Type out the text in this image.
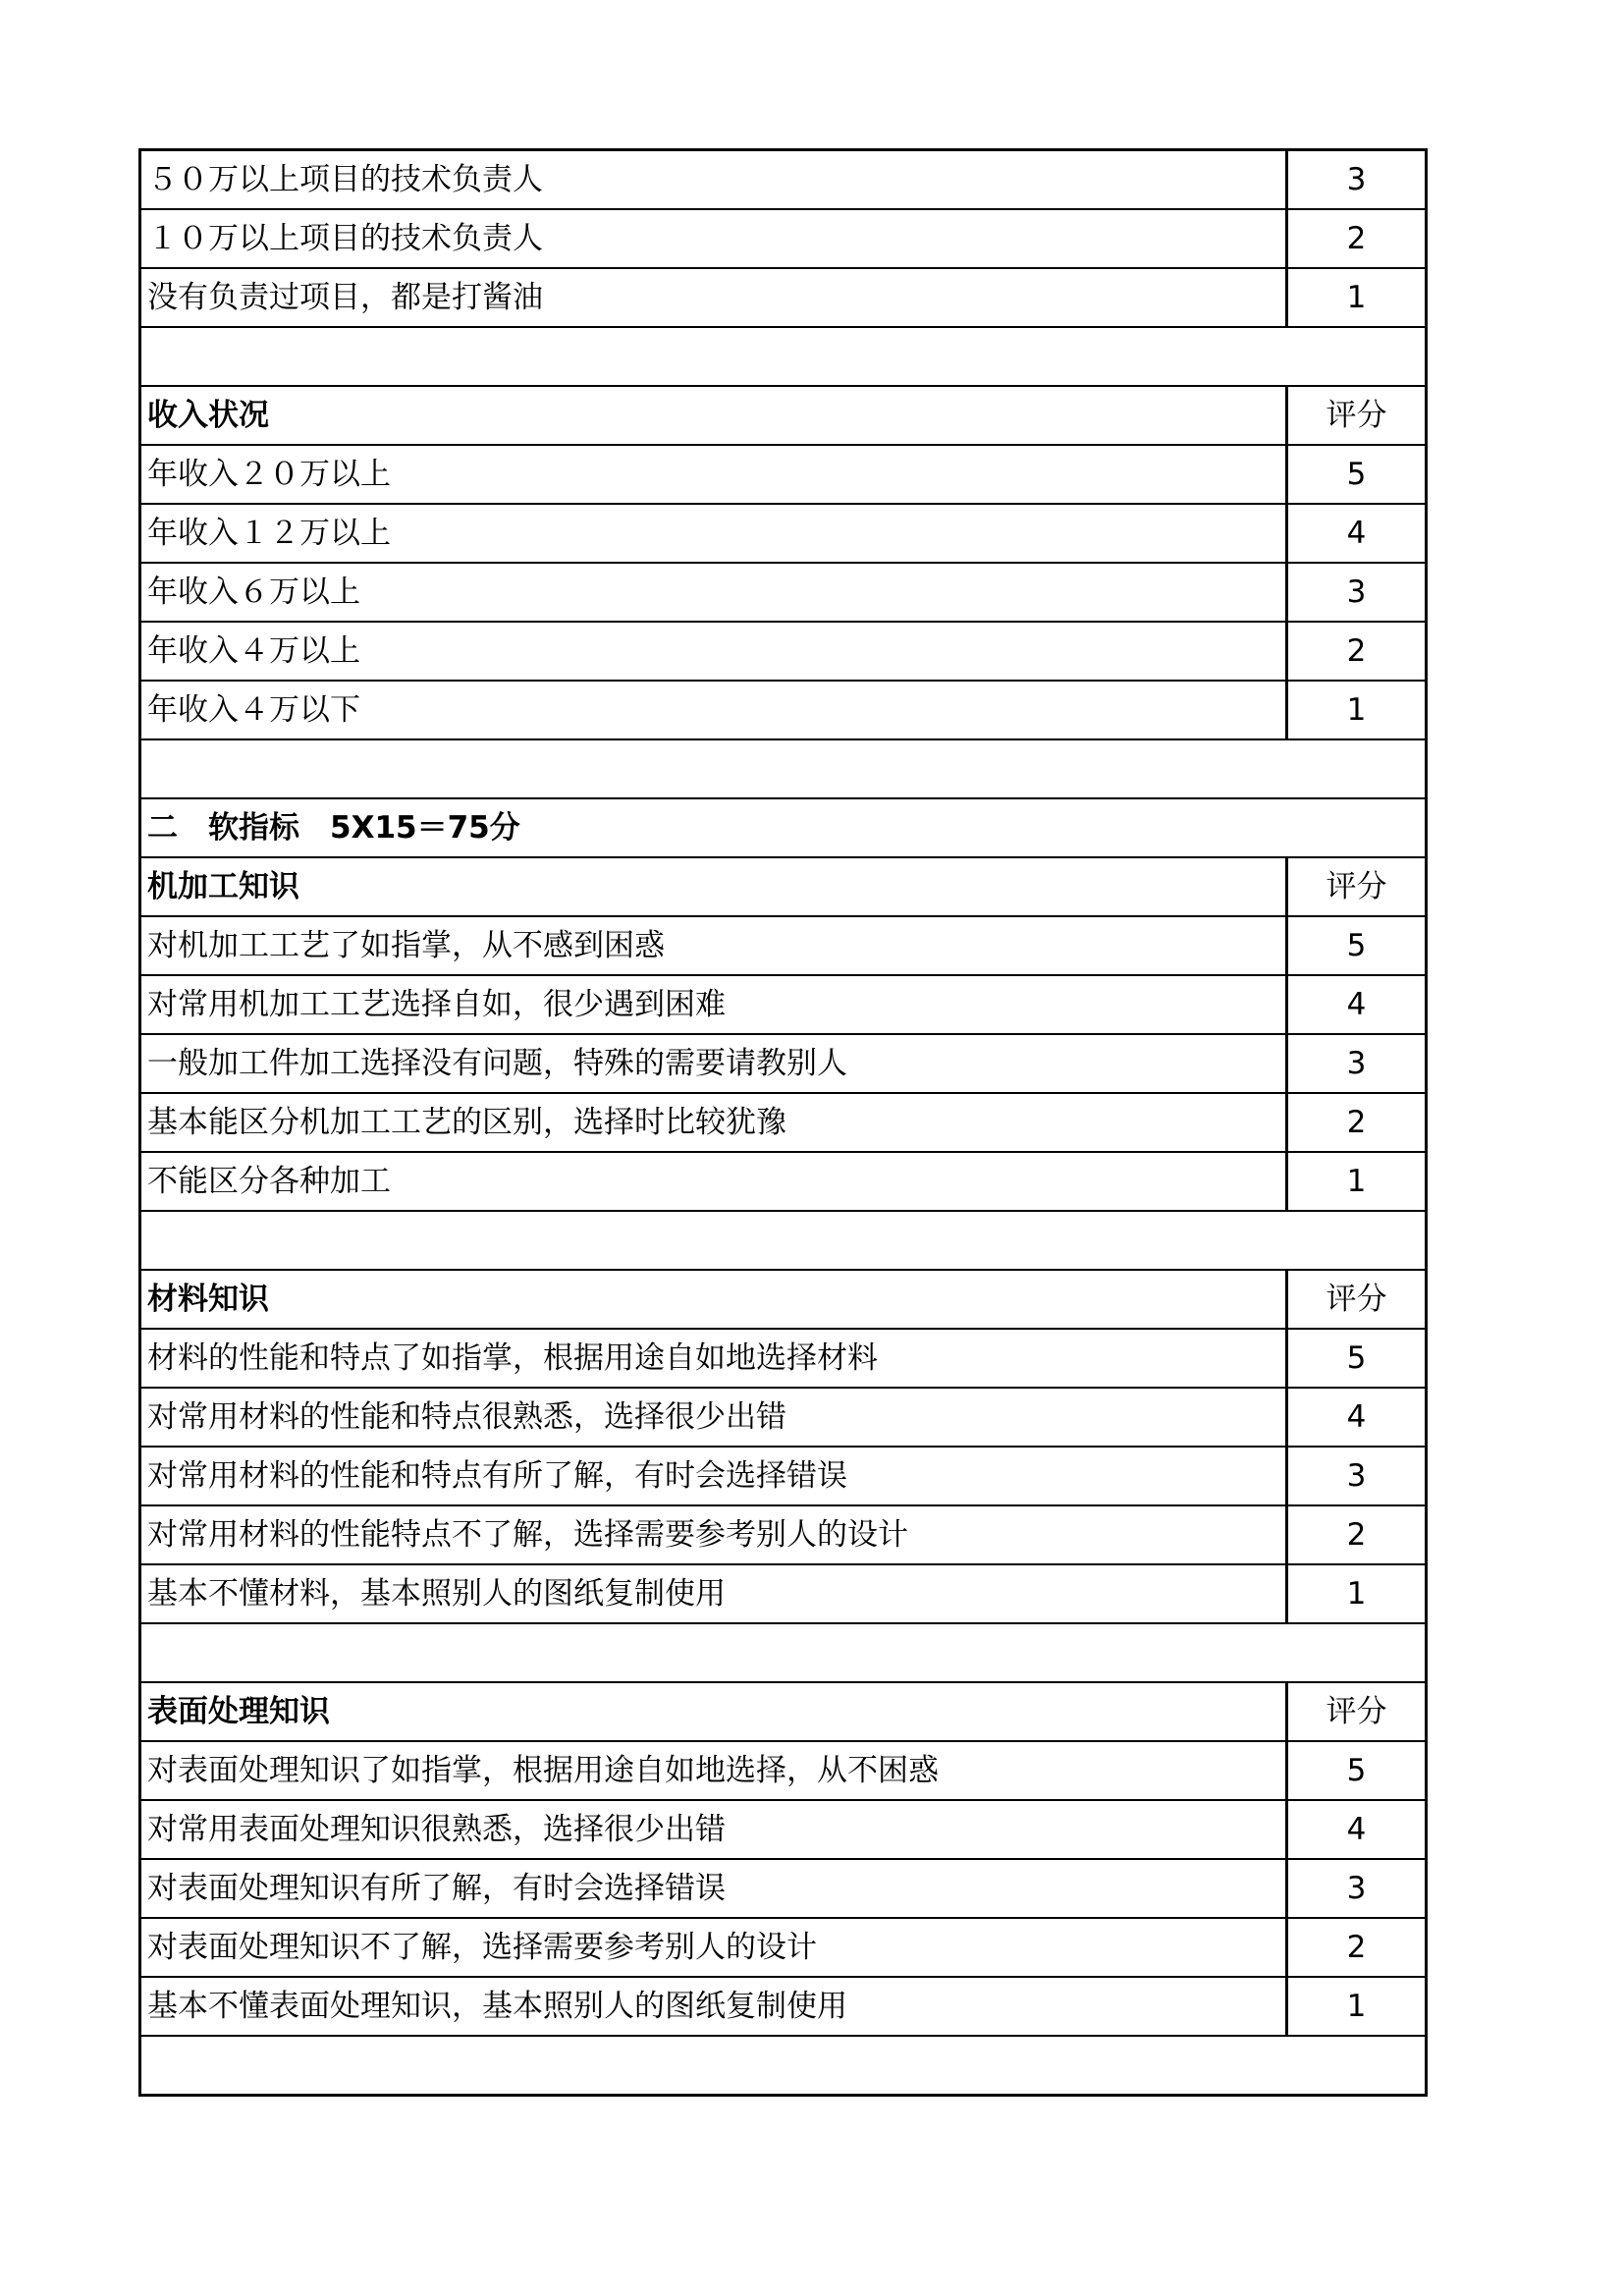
５０万以上项目的技术负责人	3
１０万以上项目的技术负责人	2
没有负责过项目，都是打酱油	1

收入状况	评分
年收入２０万以上	5
年收入１２万以上	4
年收入６万以上	3
年收入４万以上	2
年收入４万以下	1

二　软指标　5X15＝75分	
机加工知识	评分
对机加工工艺了如指掌，从不感到困惑	5
对常用机加工工艺选择自如，很少遇到困难	4
一般加工件加工选择没有问题，特殊的需要请教别人	3
基本能区分机加工工艺的区别，选择时比较犹豫	2
不能区分各种加工	1

材料知识	评分
材料的性能和特点了如指掌，根据用途自如地选择材料	5
对常用材料的性能和特点很熟悉，选择很少出错	4
对常用材料的性能和特点有所了解，有时会选择错误	3
对常用材料的性能特点不了解，选择需要参考别人的设计	2
基本不懂材料，基本照别人的图纸复制使用	1

表面处理知识	评分
对表面处理知识了如指掌，根据用途自如地选择，从不困惑	5
对常用表面处理知识很熟悉，选择很少出错	4
对表面处理知识有所了解，有时会选择错误	3
对表面处理知识不了解，选择需要参考别人的设计	2
基本不懂表面处理知识，基本照别人的图纸复制使用	1
